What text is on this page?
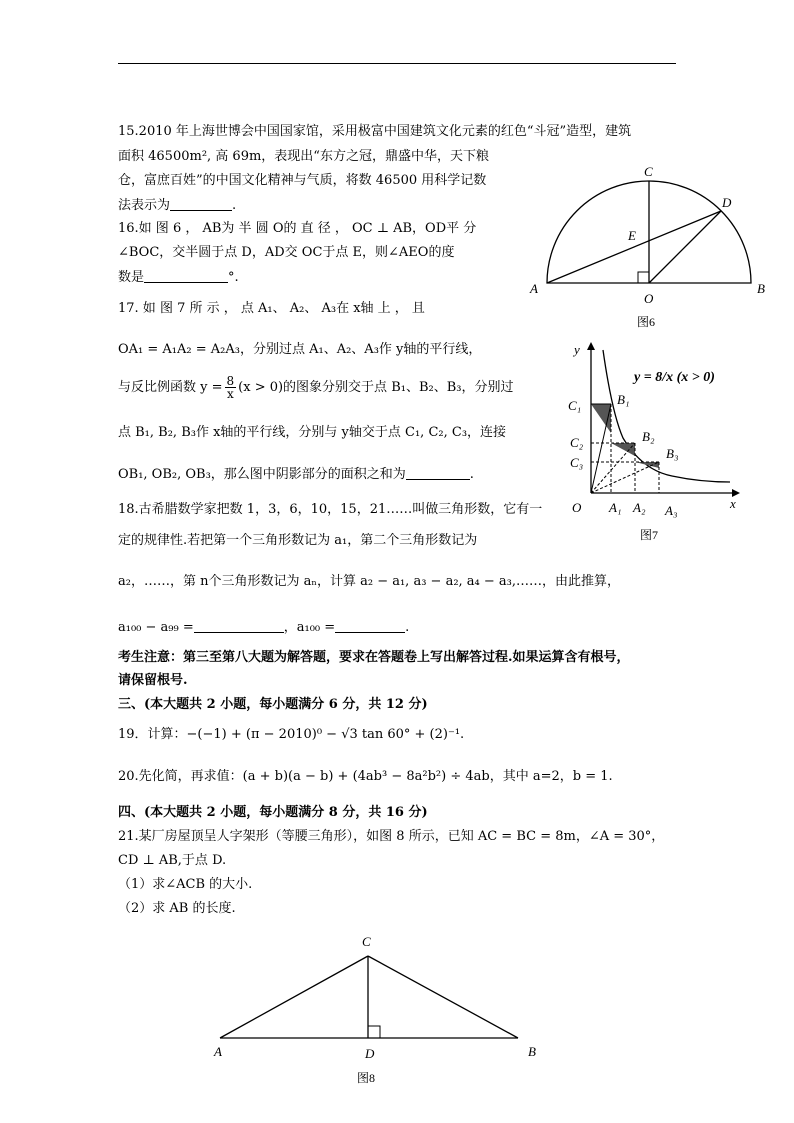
15.2010 年上海世博会中国国家馆，采用极富中国建筑文化元素的红色“斗冠”造型，建筑
面积 46500m², 高 69m，表现出“东方之冠，鼎盛中华，天下粮
仓，富庶百姓”的中国文化精神与气质，将数 46500 用科学记数
法表示为	.
16.如 图 6 ， AB为 半 圆 O的 直 径 ， OC ⊥ AB，OD平 分
∠BOC，交半圆于点 D，AD交 OC于点 E，则∠AEO的度
数是	°.
C
D
E
A
O
B
图6
17. 如 图 7 所 示 ， 点 A₁、 A₂、 A₃在 x轴 上 ， 且
OA₁ = A₁A₂ = A₂A₃，分别过点 A₁、A₂、A₃作 y轴的平行线，
与反比例函数 $y = \frac{8}{x} (x > 0)$的图象分别交于点 B₁、B₂、B₃，分别过
点 B₁, B₂, B₃作 x轴的平行线，分别与 y轴交于点 C₁, C₂, C₃，连接
OB₁, OB₂, OB₃，那么图中阴影部分的面积之和为	.
y = 8/x (x > 0)
y
x
O
C₁
C₂
C₃
B₁
B₂
B₃
A₁ A₂ A₃
图7
18.古希腊数学家把数 1，3，6，10，15，21……叫做三角形数，它有一
定的规律性.若把第一个三角形数记为 a₁，第二个三角形数记为
a₂，……，第 n个三角形数记为 aₙ，计算 a₂ − a₁, a₃ − a₂, a₄ − a₃,……，由此推算，
a₁₀₀ − a₉₉ =	，a₁₀₀ =	.
考生注意：第三至第八大题为解答题，要求在答题卷上写出解答过程.如果运算含有根号，
请保留根号.
三、(本大题共 2 小题，每小题满分 6 分，共 12 分)
19．计算：−(−1) + (π − 2010)⁰ − √3 tan 60° + (2)⁻¹.
20.先化简，再求值：(a + b)(a − b) + (4ab³ − 8a²b²) ÷ 4ab，其中 a=2，b = 1.
四、(本大题共 2 小题，每小题满分 8 分，共 16 分)
21.某厂房屋顶呈人字架形（等腰三角形），如图 8 所示，已知 AC = BC = 8m，∠A = 30°，
CD ⊥ AB,于点 D.
（1）求∠ACB 的大小.
（2）求 AB 的长度.
C
A	D	B
图8
